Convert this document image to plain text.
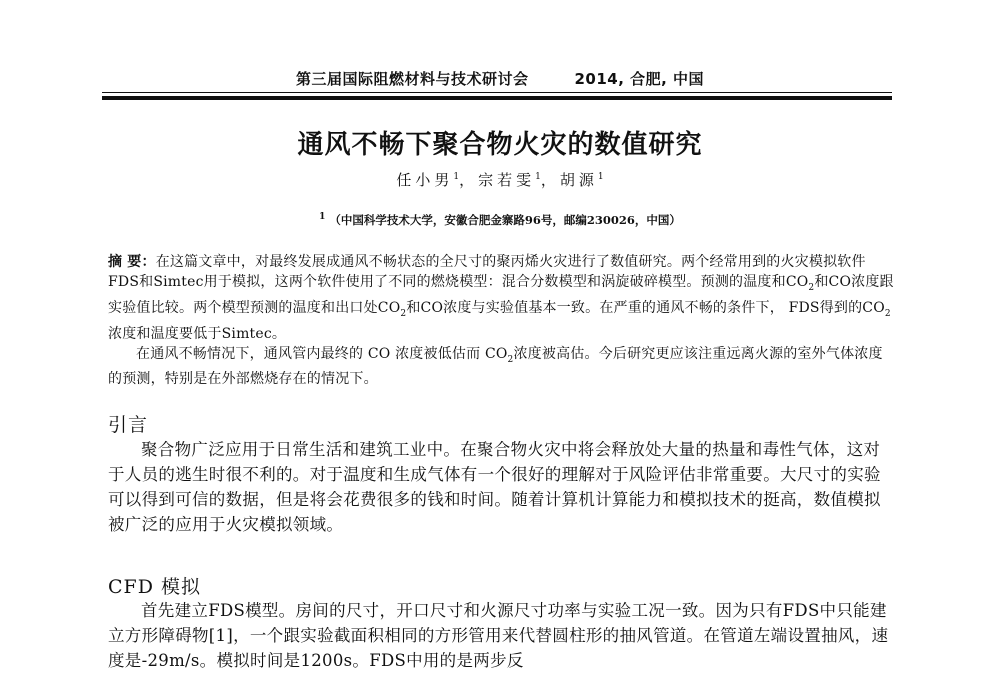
第三届国际阻燃材料与技术研讨会	2014, 合肥, 中国
通风不畅下聚合物火灾的数值研究
任小男$^1$，宗若雯$^1$，胡源$^1$
$^1$ （中国科学技术大学，安徽合肥金寨路96号，邮编230026，中国）

摘 要：在这篇文章中，对最终发展成通风不畅状态的全尺寸的聚丙烯火灾进行了数值研究。两个经常用到的火灾模拟软件FDS和Simtec用于模拟，这两个软件使用了不同的燃烧模型：混合分数模型和涡旋破碎模型。预测的温度和$CO_2$和CO浓度跟实验值比较。两个模型预测的温度和出口处$CO_2$和CO浓度与实验值基本一致。在严重的通风不畅的条件下， FDS得到的$CO_2$浓度和温度要低于Simtec。

在通风不畅情况下，通风管内最终的 CO 浓度被低估而 $CO_2$浓度被高估。今后研究更应该注重远离火源的室外气体浓度的预测，特别是在外部燃烧存在的情况下。

引言

聚合物广泛应用于日常生活和建筑工业中。在聚合物火灾中将会释放处大量的热量和毒性气体，这对于人员的逃生时很不利的。对于温度和生成气体有一个很好的理解对于风险评估非常重要。大尺寸的实验可以得到可信的数据，但是将会花费很多的钱和时间。随着计算机计算能力和模拟技术的挺高，数值模拟被广泛的应用于火灾模拟领域。

CFD 模拟

首先建立FDS模型。房间的尺寸，开口尺寸和火源尺寸功率与实验工况一致。因为只有FDS中只能建立方形障碍物[1]，一个跟实验截面积相同的方形管用来代替圆柱形的抽风管道。在管道左端设置抽风，速度是-29m/s。模拟时间是1200s。FDS中用的是两步反
